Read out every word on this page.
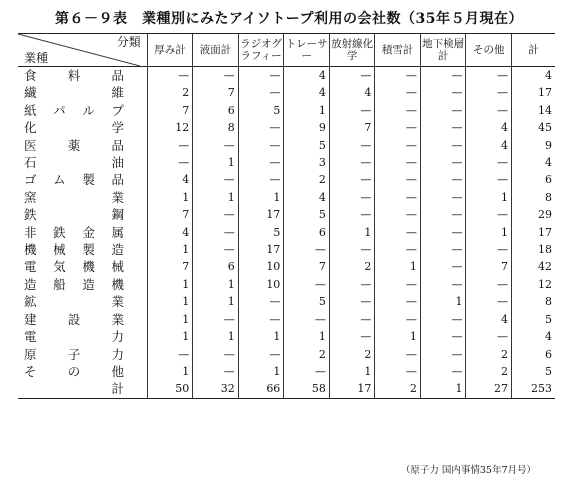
第６－９表　業種別にみたアイソトープ利用の会社数（35年５月現在）
分類
業種	厚み計	液面計	ラジオグラフィー	トレーサー	放射線化学	積雪計	地下検層計	その他	計

食 料 品	—	—	—	4	—	—	—	—	4

繊 維	2	7	—	4	4	—	—	—	17

紙 パ ル プ	7	6	5	1	—	—	—	—	14

化 学	12	8	—	9	7	—	—	4	45

医 薬 品	—	—	—	5	—	—	—	4	9

石 油	—	1	—	3	—	—	—	—	4

ゴ ム 製 品	4	—	—	2	—	—	—	—	6

窯 業	1	1	1	4	—	—	—	1	8

鉄 鋼	7	—	17	5	—	—	—	—	29

非 鉄 金 属	4	—	5	6	1	—	—	1	17

機 械 製 造	1	—	17	—	—	—	—	—	18

電 気 機 械	7	6	10	7	2	1	—	7	42

造 船 造 機	1	1	10	—	—	—	—	—	12

鉱 業	1	1	—	5	—	—	1	—	8

建 設 業	1	—	—	—	—	—	—	4	5

電 力	1	1	1	1	—	1	—	—	4

原 子 力	—	—	—	2	2	—	—	2	6

そ の 他	1	—	1	—	1	—	—	2	5

計	50	32	66	58	17	2	1	27	253

（原子力 国内事情35年7月号）
